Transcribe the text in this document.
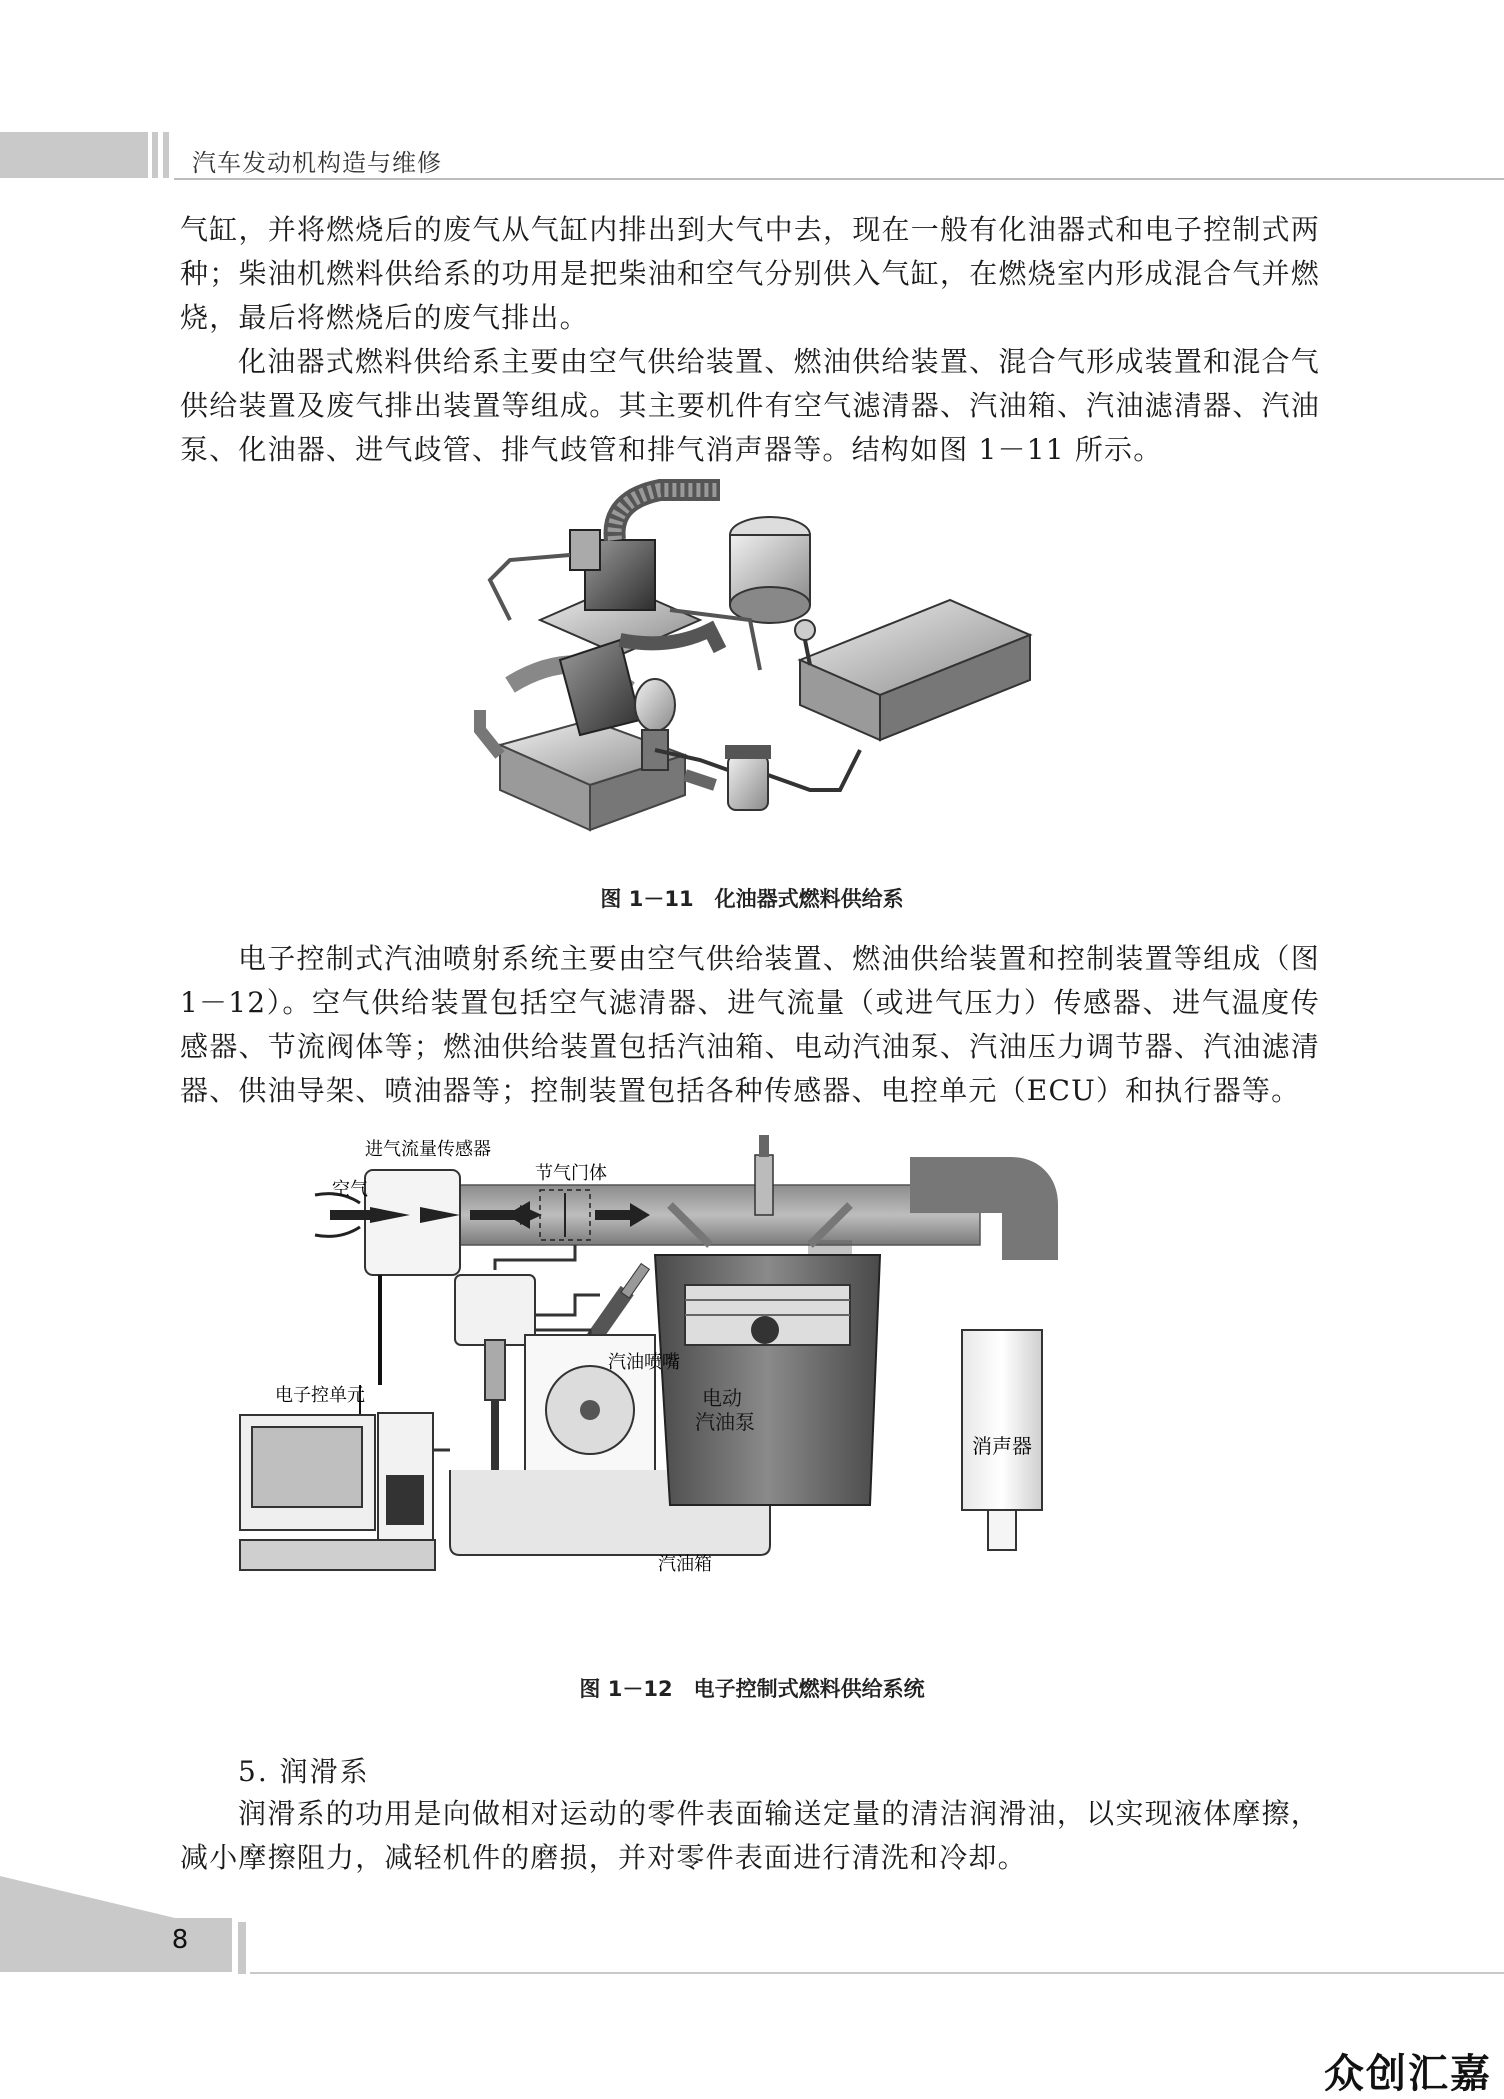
汽车发动机构造与维修
气缸，并将燃烧后的废气从气缸内排出到大气中去，现在一般有化油器式和电子控制式两种；柴油机燃料供给系的功用是把柴油和空气分别供入气缸，在燃烧室内形成混合气并燃烧，最后将燃烧后的废气排出。
化油器式燃料供给系主要由空气供给装置、燃油供给装置、混合气形成装置和混合气供给装置及废气排出装置等组成。其主要机件有空气滤清器、汽油箱、汽油滤清器、汽油泵、化油器、进气歧管、排气歧管和排气消声器等。结构如图 1－11 所示。
图 1－11　化油器式燃料供给系
电子控制式汽油喷射系统主要由空气供给装置、燃油供给装置和控制装置等组成（图 1－12）。空气供给装置包括空气滤清器、进气流量（或进气压力）传感器、进气温度传感器、节流阀体等；燃油供给装置包括汽油箱、电动汽油泵、汽油压力调节器、汽油滤清器、供油导架、喷油器等；控制装置包括各种传感器、电控单元（ECU）和执行器等。
空气
进气流量传感器
节气门体
汽油喷嘴
电子控单元	电动
汽油泵
消声器
汽油箱
图 1－12　电子控制式燃料供给系统
5. 润滑系
润滑系的功用是向做相对运动的零件表面输送定量的清洁润滑油，以实现液体摩擦，减小摩擦阻力，减轻机件的磨损，并对零件表面进行清洗和冷却。
8
众创汇嘉
